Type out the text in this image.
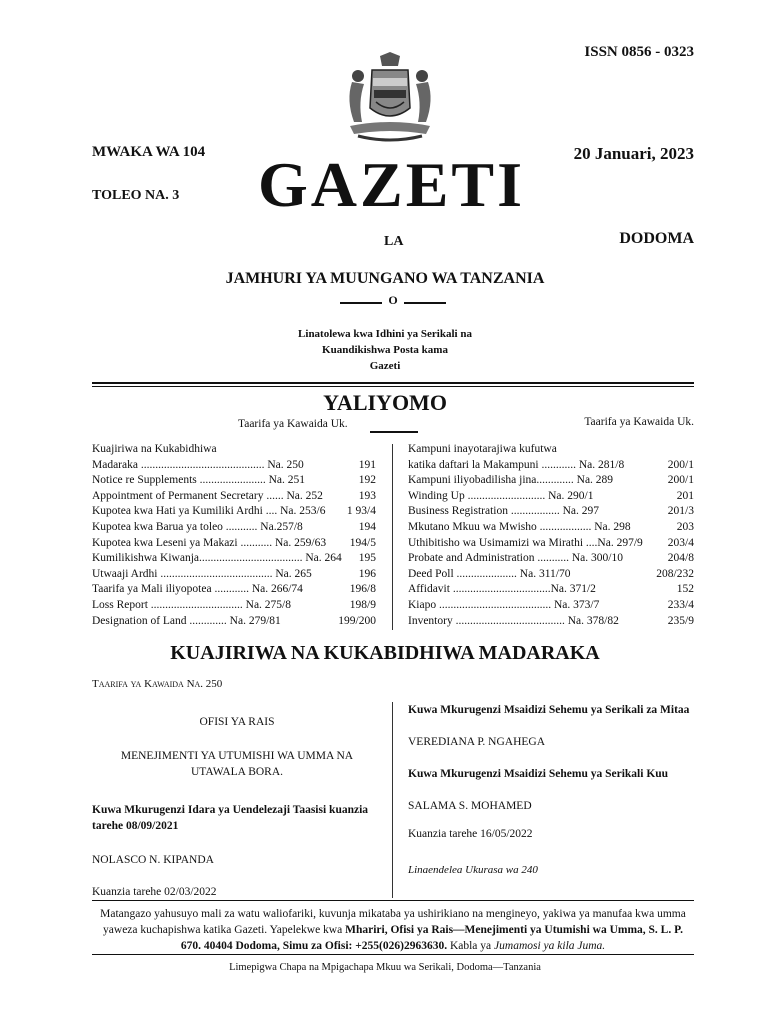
ISSN 0856 - 0323
MWAKA WA 104	20 Januari, 2023
TOLEO NA. 3 GAZETI
LA	DODOMA
JAMHURI YA MUUNGANO WA TANZANIA
O
Linatolewa kwa Idhini ya Serikali na
Kuandikishwa Posta kama
Gazeti
YALIYOMO
Taarifa ya Kawaida Uk.	Taarifa ya Kawaida Uk.
Kuajiriwa na Kukabidhiwa
Madaraka ........................................... Na. 250	191
Notice re Supplements ....................... Na. 251	192
Appointment of Permanent Secretary ...... Na. 252	193
Kupotea kwa Hati ya Kumiliki Ardhi .... Na. 253/6 1 93/4
Kupotea kwa Barua ya toleo ........... Na.257/8	194
Kupotea kwa Leseni ya Makazi ........... Na. 259/63 194/5
Kumilikishwa Kiwanja.................................... Na. 264 195
Utwaaji Ardhi ....................................... Na. 265	196
Taarifa ya Mali iliyopotea ............ Na. 266/74	196/8
Loss Report ................................ Na. 275/8	198/9
Designation of Land ............. Na. 279/81	199/200
Kampuni inayotarajiwa kufutwa
katika daftari la Makampuni ............ Na. 281/8	200/1
Kampuni iliyobadilisha jina............. Na. 289	200/1
Winding Up ........................... Na. 290/1	201
Business Registration ................. Na. 297	201/3
Mkutano Mkuu wa Mwisho .................. Na. 298	203
Uthibitisho wa Usimamizi wa Mirathi ....Na. 297/9 203/4
Probate and Administration ........... Na. 300/10	204/8
Deed Poll ..................... Na. 311/70	208/232
Affidavit ..................................Na. 371/2	152
Kiapo ....................................... Na. 373/7	233/4
Inventory ...................................... Na. 378/82	235/9
KUAJIRIWA NA KUKABIDHIWA MADARAKA
Taarifa ya Kawaida Na. 250
OFISI YA RAIS
MENEJIMENTI YA UTUMISHI WA UMMA NA
UTAWALA BORA.
Kuwa Mkurugenzi Idara ya Uendelezaji Taasisi kuanzia tarehe 08/09/2021
NOLASCO N. KIPANDA
Kuanzia tarehe 02/03/2022
Kuwa Mkurugenzi Msaidizi Sehemu ya Serikali za Mitaa
VEREDIANA P. NGAHEGA
Kuwa Mkurugenzi Msaidizi Sehemu ya Serikali Kuu
SALAMA S. MOHAMED
Kuanzia tarehe 16/05/2022
Linaendelea Ukurasa wa 240
Matangazo yahusuyo mali za watu waliofariki, kuvunja mikataba ya ushirikiano na mengineyo, yakiwa ya manufaa kwa umma yaweza kuchapishwa katika Gazeti. Yapelekwe kwa Mhariri, Ofisi ya Rais—Menejimenti ya Utumishi wa Umma, S. L. P. 670. 40404 Dodoma, Simu za Ofisi: +255(026)2963630. Kabla ya Jumamosi ya kila Juma.
Limepigwa Chapa na Mpigachapa Mkuu wa Serikali, Dodoma—Tanzania
